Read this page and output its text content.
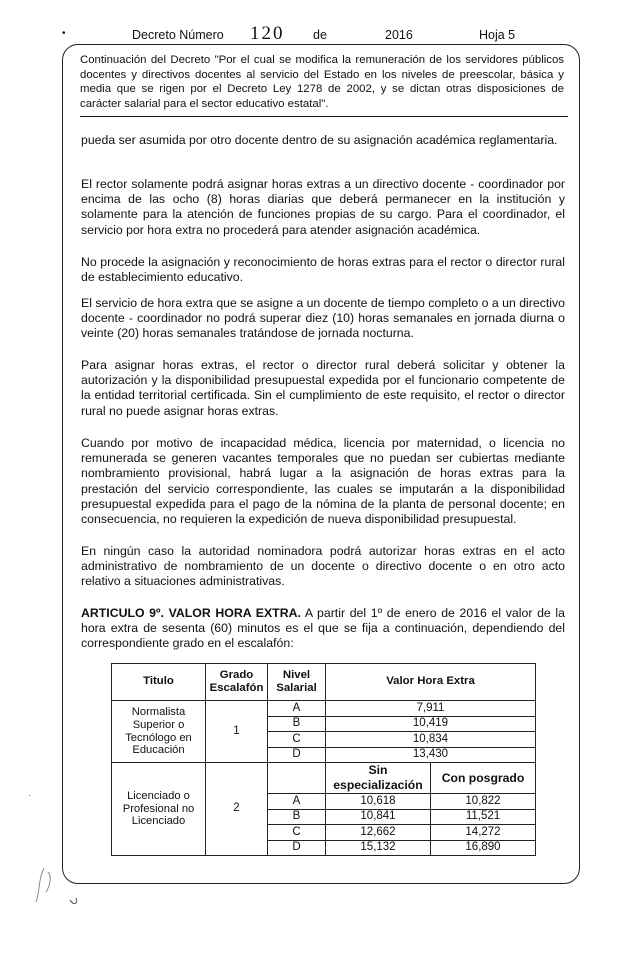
•	Decreto Número 120 de	2016	Hoja 5
Continuación del Decreto "Por el cual se modifica la remuneración de los servidores públicos docentes y directivos docentes al servicio del Estado en los niveles de preescolar, básica y media que se rigen por el Decreto Ley 1278 de 2002, y se dictan otras disposiciones de carácter salarial para el sector educativo estatal".

pueda ser asumida por otro docente dentro de su asignación académica reglamentaria.

El rector solamente podrá asignar horas extras a un directivo docente - coordinador por encima de las ocho (8) horas diarias que deberá permanecer en la institución y solamente para la atención de funciones propias de su cargo. Para el coordinador, el servicio por hora extra no procederá para atender asignación académica.

No procede la asignación y reconocimiento de horas extras para el rector o director rural de establecimiento educativo.

El servicio de hora extra que se asigne a un docente de tiempo completo o a un directivo docente - coordinador no podrá superar diez (10) horas semanales en jornada diurna o veinte (20) horas semanales tratándose de jornada nocturna.

Para asignar horas extras, el rector o director rural deberá solicitar y obtener la autorización y la disponibilidad presupuestal expedida por el funcionario competente de la entidad territorial certificada. Sin el cumplimiento de este requisito, el rector o director rural no puede asignar horas extras.

Cuando por motivo de incapacidad médica, licencia por maternidad, o licencia no remunerada se generen vacantes temporales que no puedan ser cubiertas mediante nombramiento provisional, habrá lugar a la asignación de horas extras para la prestación del servicio correspondiente, las cuales se imputarán a la disponibilidad presupuestal expedida para el pago de la nómina de la planta de personal docente; en consecuencia, no requieren la expedición de nueva disponibilidad presupuestal.

En ningún caso la autoridad nominadora podrá autorizar horas extras en el acto administrativo de nombramiento de un docente o directivo docente o en otro acto relativo a situaciones administrativas.

ARTICULO 9º. VALOR HORA EXTRA. A partir del 1º de enero de 2016 el valor de la hora extra de sesenta (60) minutos es el que se fija a continuación, dependiendo del correspondiente grado en el escalafón:

Titulo	Grado Escalafón	Nivel Salarial	Valor Hora Extra	
Normalista Superior o Tecnólogo en Educación	1	A	7,911	
		B	10,419	
		C	10,834	
		D	13,430	
Licenciado o Profesional no Licenciado	2		Sin especialización	Con posgrado
		A	10,618	10,822
		B	10,841	11,521
		C	12,662	14,272
		D	15,132	16,890
·
